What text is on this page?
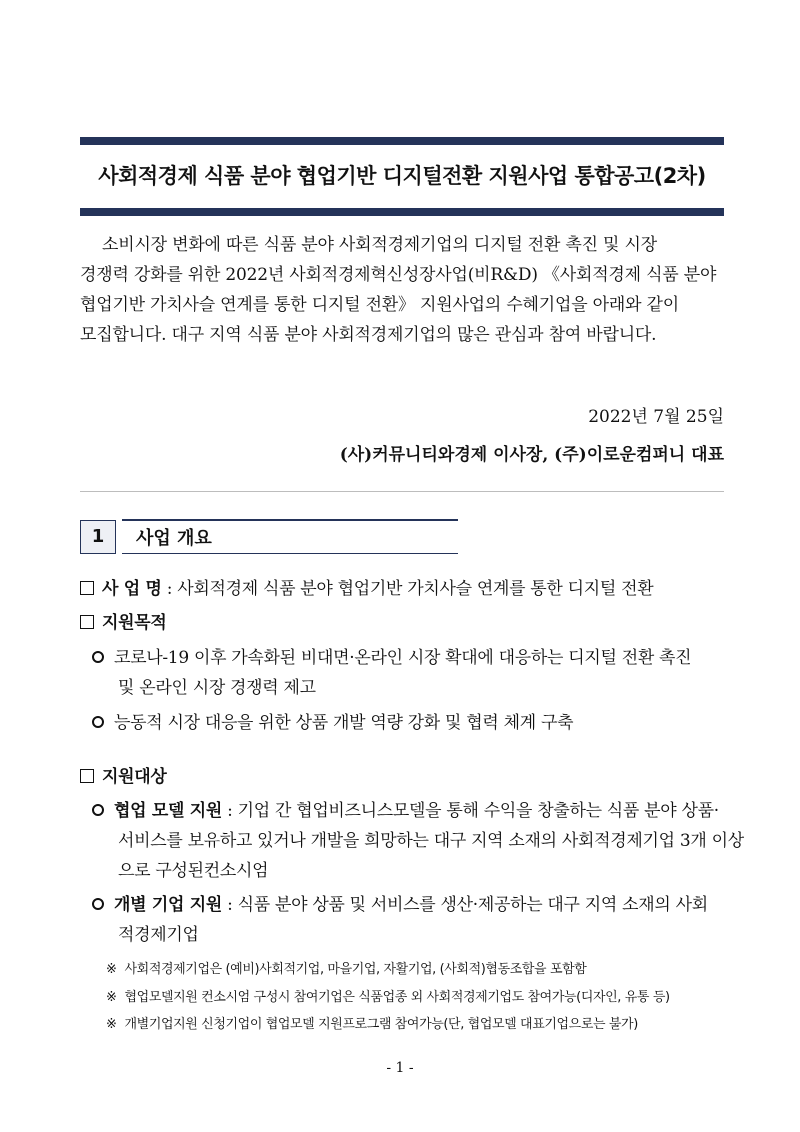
사회적경제 식품 분야 협업기반 디지털전환 지원사업 통합공고(2차)

소비시장 변화에 따른 식품 분야 사회적경제기업의 디지털 전환 촉진 및 시장
경쟁력 강화를 위한 2022년 사회적경제혁신성장사업(비R&D) 《사회적경제 식품 분야
협업기반 가치사슬 연계를 통한 디지털 전환》 지원사업의 수혜기업을 아래와 같이
모집합니다. 대구 지역 식품 분야 사회적경제기업의 많은 관심과 참여 바랍니다.

2022년 7월 25일

(사)커뮤니티와경제 이사장, (주)이로운컴퍼니 대표

1	사업 개요

사 업 명 : 사회적경제 식품 분야 협업기반 가치사슬 연계를 통한 디지털 전환

지원목적

코로나-19 이후 가속화된 비대면·온라인 시장 확대에 대응하는 디지털 전환 촉진

및 온라인 시장 경쟁력 제고

능동적 시장 대응을 위한 상품 개발 역량 강화 및 협력 체계 구축

지원대상

협업 모델 지원 : 기업 간 협업비즈니스모델을 통해 수익을 창출하는 식품 분야 상품·

서비스를 보유하고 있거나 개발을 희망하는 대구 지역 소재의 사회적경제기업 3개 이상

으로 구성된컨소시엄

개별 기업 지원 : 식품 분야 상품 및 서비스를 생산·제공하는 대구 지역 소재의 사회

적경제기업

※ 사회적경제기업은 (예비)사회적기업, 마을기업, 자활기업, (사회적)협동조합을 포함함
※ 협업모델지원 컨소시엄 구성시 참여기업은 식품업종 외 사회적경제기업도 참여가능(디자인, 유통 등)
※ 개별기업지원 신청기업이 협업모델 지원프로그램 참여가능(단, 협업모델 대표기업으로는 불가)
- 1 -
